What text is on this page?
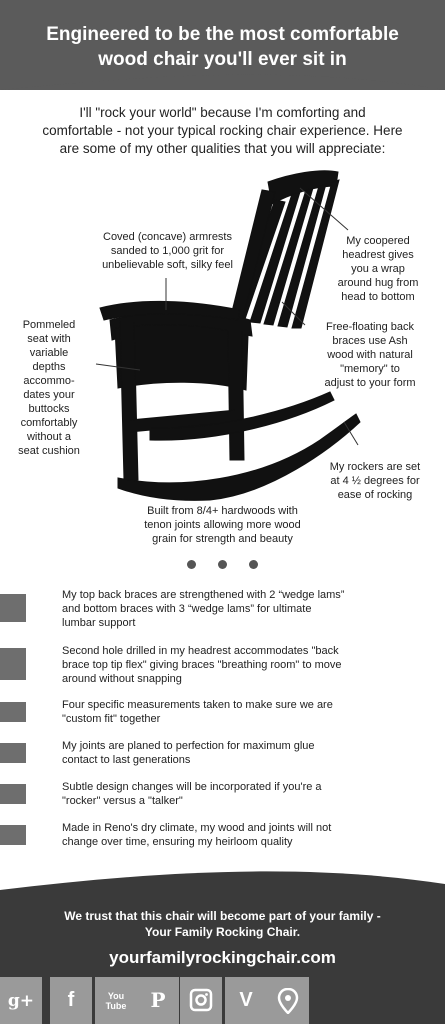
Engineered to be the most comfortable
wood chair you'll ever sit in
I'll "rock your world" because I'm comforting and
comfortable - not your typical rocking chair experience. Here
are some of my other qualities that you will appreciate:
Coved (concave) armrests
sanded to 1,000 grit for
unbelievable soft, silky feel
My coopered
headrest gives
you a wrap
around hug from
head to bottom
Pommeled
seat with
variable
depths
accommo-
dates your
buttocks
comfortably
without a
seat cushion
Free-floating back
braces use Ash
wood with natural
"memory" to
adjust to your form
My rockers are set
at 4 ½ degrees for
ease of rocking
Built from 8/4+ hardwoods with
tenon joints allowing more wood
grain for strength and beauty

My top back braces are strengthened with 2 “wedge lams”
and bottom braces with 3 “wedge lams” for ultimate
lumbar support
Second hole drilled in my headrest accommodates "back
brace top tip flex" giving braces "breathing room" to move
around without snapping
Four specific measurements taken to make sure we are
"custom fit" together
My joints are planed to perfection for maximum glue
contact to last generations
Subtle design changes will be incorporated if you're a
"rocker" versus a "talker"
Made in Reno's dry climate, my wood and joints will not
change over time, ensuring my heirloom quality
We trust that this chair will become part of your family -
Your Family Rocking Chair.
yourfamilyrockingchair.com
g+	f	You Tube	P	V
